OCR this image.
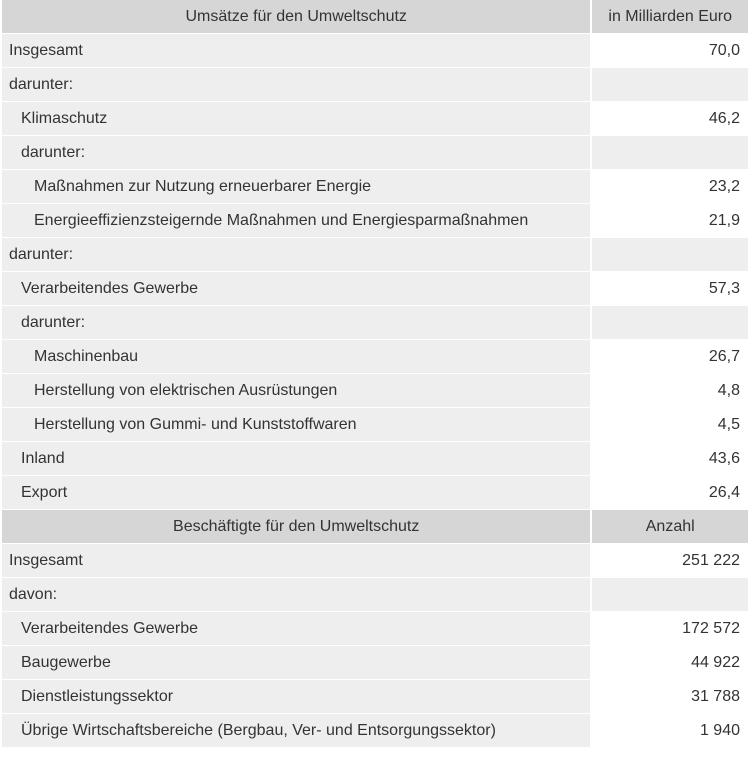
Umsätze für den Umweltschutz	in Milliarden Euro
Insgesamt	70,0
darunter:
Klimaschutz	46,2
darunter:
Maßnahmen zur Nutzung erneuerbarer Energie	23,2
Energieeffizienzsteigernde Maßnahmen und Energiesparmaßnahmen	21,9
darunter:
Verarbeitendes Gewerbe	57,3
darunter:
Maschinenbau	26,7
Herstellung von elektrischen Ausrüstungen	4,8
Herstellung von Gummi- und Kunststoffwaren	4,5
Inland	43,6
Export	26,4
Beschäftigte für den Umweltschutz	Anzahl
Insgesamt	251 222
davon:
Verarbeitendes Gewerbe	172 572
Baugewerbe	44 922
Dienstleistungssektor	31 788
Übrige Wirtschaftsbereiche (Bergbau, Ver- und Entsorgungssektor)	1 940
